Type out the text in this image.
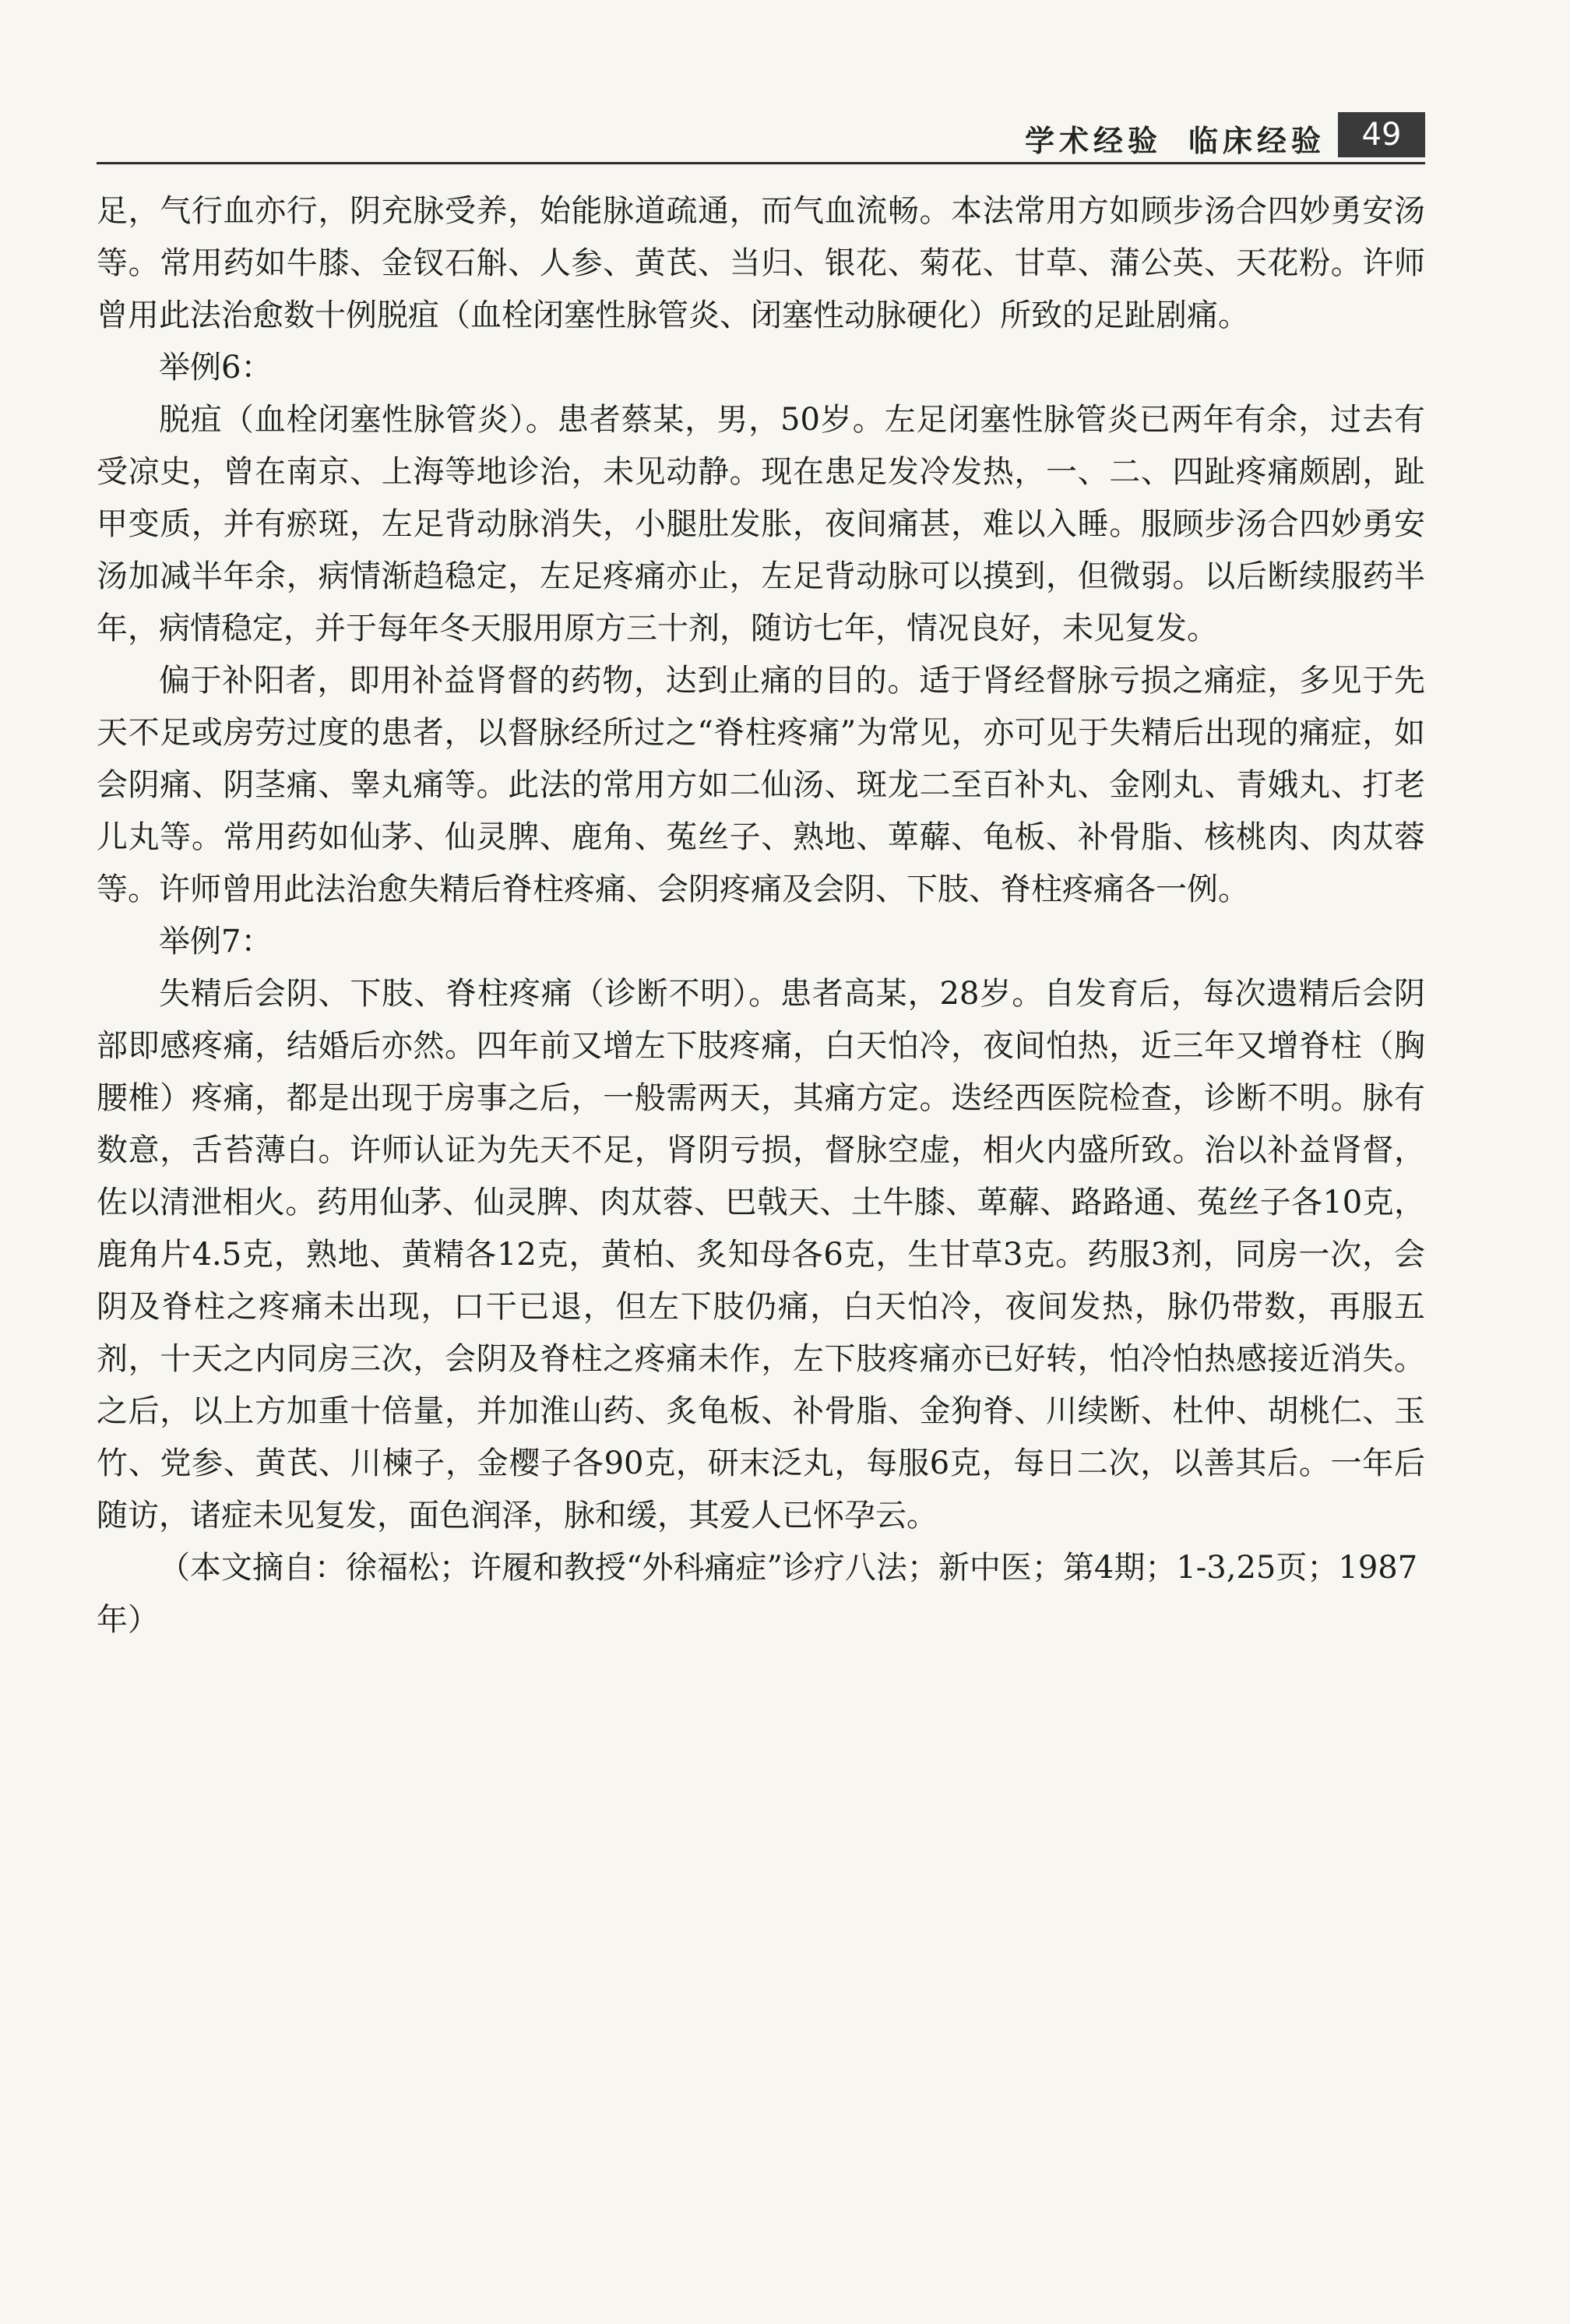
学术经验 临床经验	49

足，气行血亦行，阴充脉受养，始能脉道疏通，而气血流畅。本法常用方如顾步汤合四妙勇安汤等。常用药如牛膝、金钗石斛、人参、黄芪、当归、银花、菊花、甘草、蒲公英、天花粉。许师曾用此法治愈数十例脱疽（血栓闭塞性脉管炎、闭塞性动脉硬化）所致的足趾剧痛。

举例6：

脱疽（血栓闭塞性脉管炎）。患者蔡某，男，50岁。左足闭塞性脉管炎已两年有余，过去有受凉史，曾在南京、上海等地诊治，未见动静。现在患足发冷发热，一、二、四趾疼痛颇剧，趾甲变质，并有瘀斑，左足背动脉消失，小腿肚发胀，夜间痛甚，难以入睡。服顾步汤合四妙勇安汤加减半年余，病情渐趋稳定，左足疼痛亦止，左足背动脉可以摸到，但微弱。以后断续服药半年，病情稳定，并于每年冬天服用原方三十剂，随访七年，情况良好，未见复发。

偏于补阳者，即用补益肾督的药物，达到止痛的目的。适于肾经督脉亏损之痛症，多见于先天不足或房劳过度的患者，以督脉经所过之“脊柱疼痛”为常见，亦可见于失精后出现的痛症，如会阴痛、阴茎痛、睾丸痛等。此法的常用方如二仙汤、斑龙二至百补丸、金刚丸、青娥丸、打老儿丸等。常用药如仙茅、仙灵脾、鹿角、菟丝子、熟地、萆薢、龟板、补骨脂、核桃肉、肉苁蓉等。许师曾用此法治愈失精后脊柱疼痛、会阴疼痛及会阴、下肢、脊柱疼痛各一例。

举例7：

失精后会阴、下肢、脊柱疼痛（诊断不明）。患者高某，28岁。自发育后，每次遗精后会阴部即感疼痛，结婚后亦然。四年前又增左下肢疼痛，白天怕冷，夜间怕热，近三年又增脊柱（胸腰椎）疼痛，都是出现于房事之后，一般需两天，其痛方定。迭经西医院检查，诊断不明。脉有数意，舌苔薄白。许师认证为先天不足，肾阴亏损，督脉空虚，相火内盛所致。治以补益肾督，佐以清泄相火。药用仙茅、仙灵脾、肉苁蓉、巴戟天、土牛膝、萆薢、路路通、菟丝子各10克，鹿角片4.5克，熟地、黄精各12克，黄柏、炙知母各6克，生甘草3克。药服3剂，同房一次，会阴及脊柱之疼痛未出现，口干已退，但左下肢仍痛，白天怕冷，夜间发热，脉仍带数，再服五剂，十天之内同房三次，会阴及脊柱之疼痛未作，左下肢疼痛亦已好转，怕冷怕热感接近消失。之后，以上方加重十倍量，并加淮山药、炙龟板、补骨脂、金狗脊、川续断、杜仲、胡桃仁、玉竹、党参、黄芪、川楝子，金樱子各90克，研末泛丸，每服6克，每日二次，以善其后。一年后随访，诸症未见复发，面色润泽，脉和缓，其爱人已怀孕云。

（本文摘自：徐福松；许履和教授“外科痛症”诊疗八法；新中医；第4期；1-3,25页；1987年）
